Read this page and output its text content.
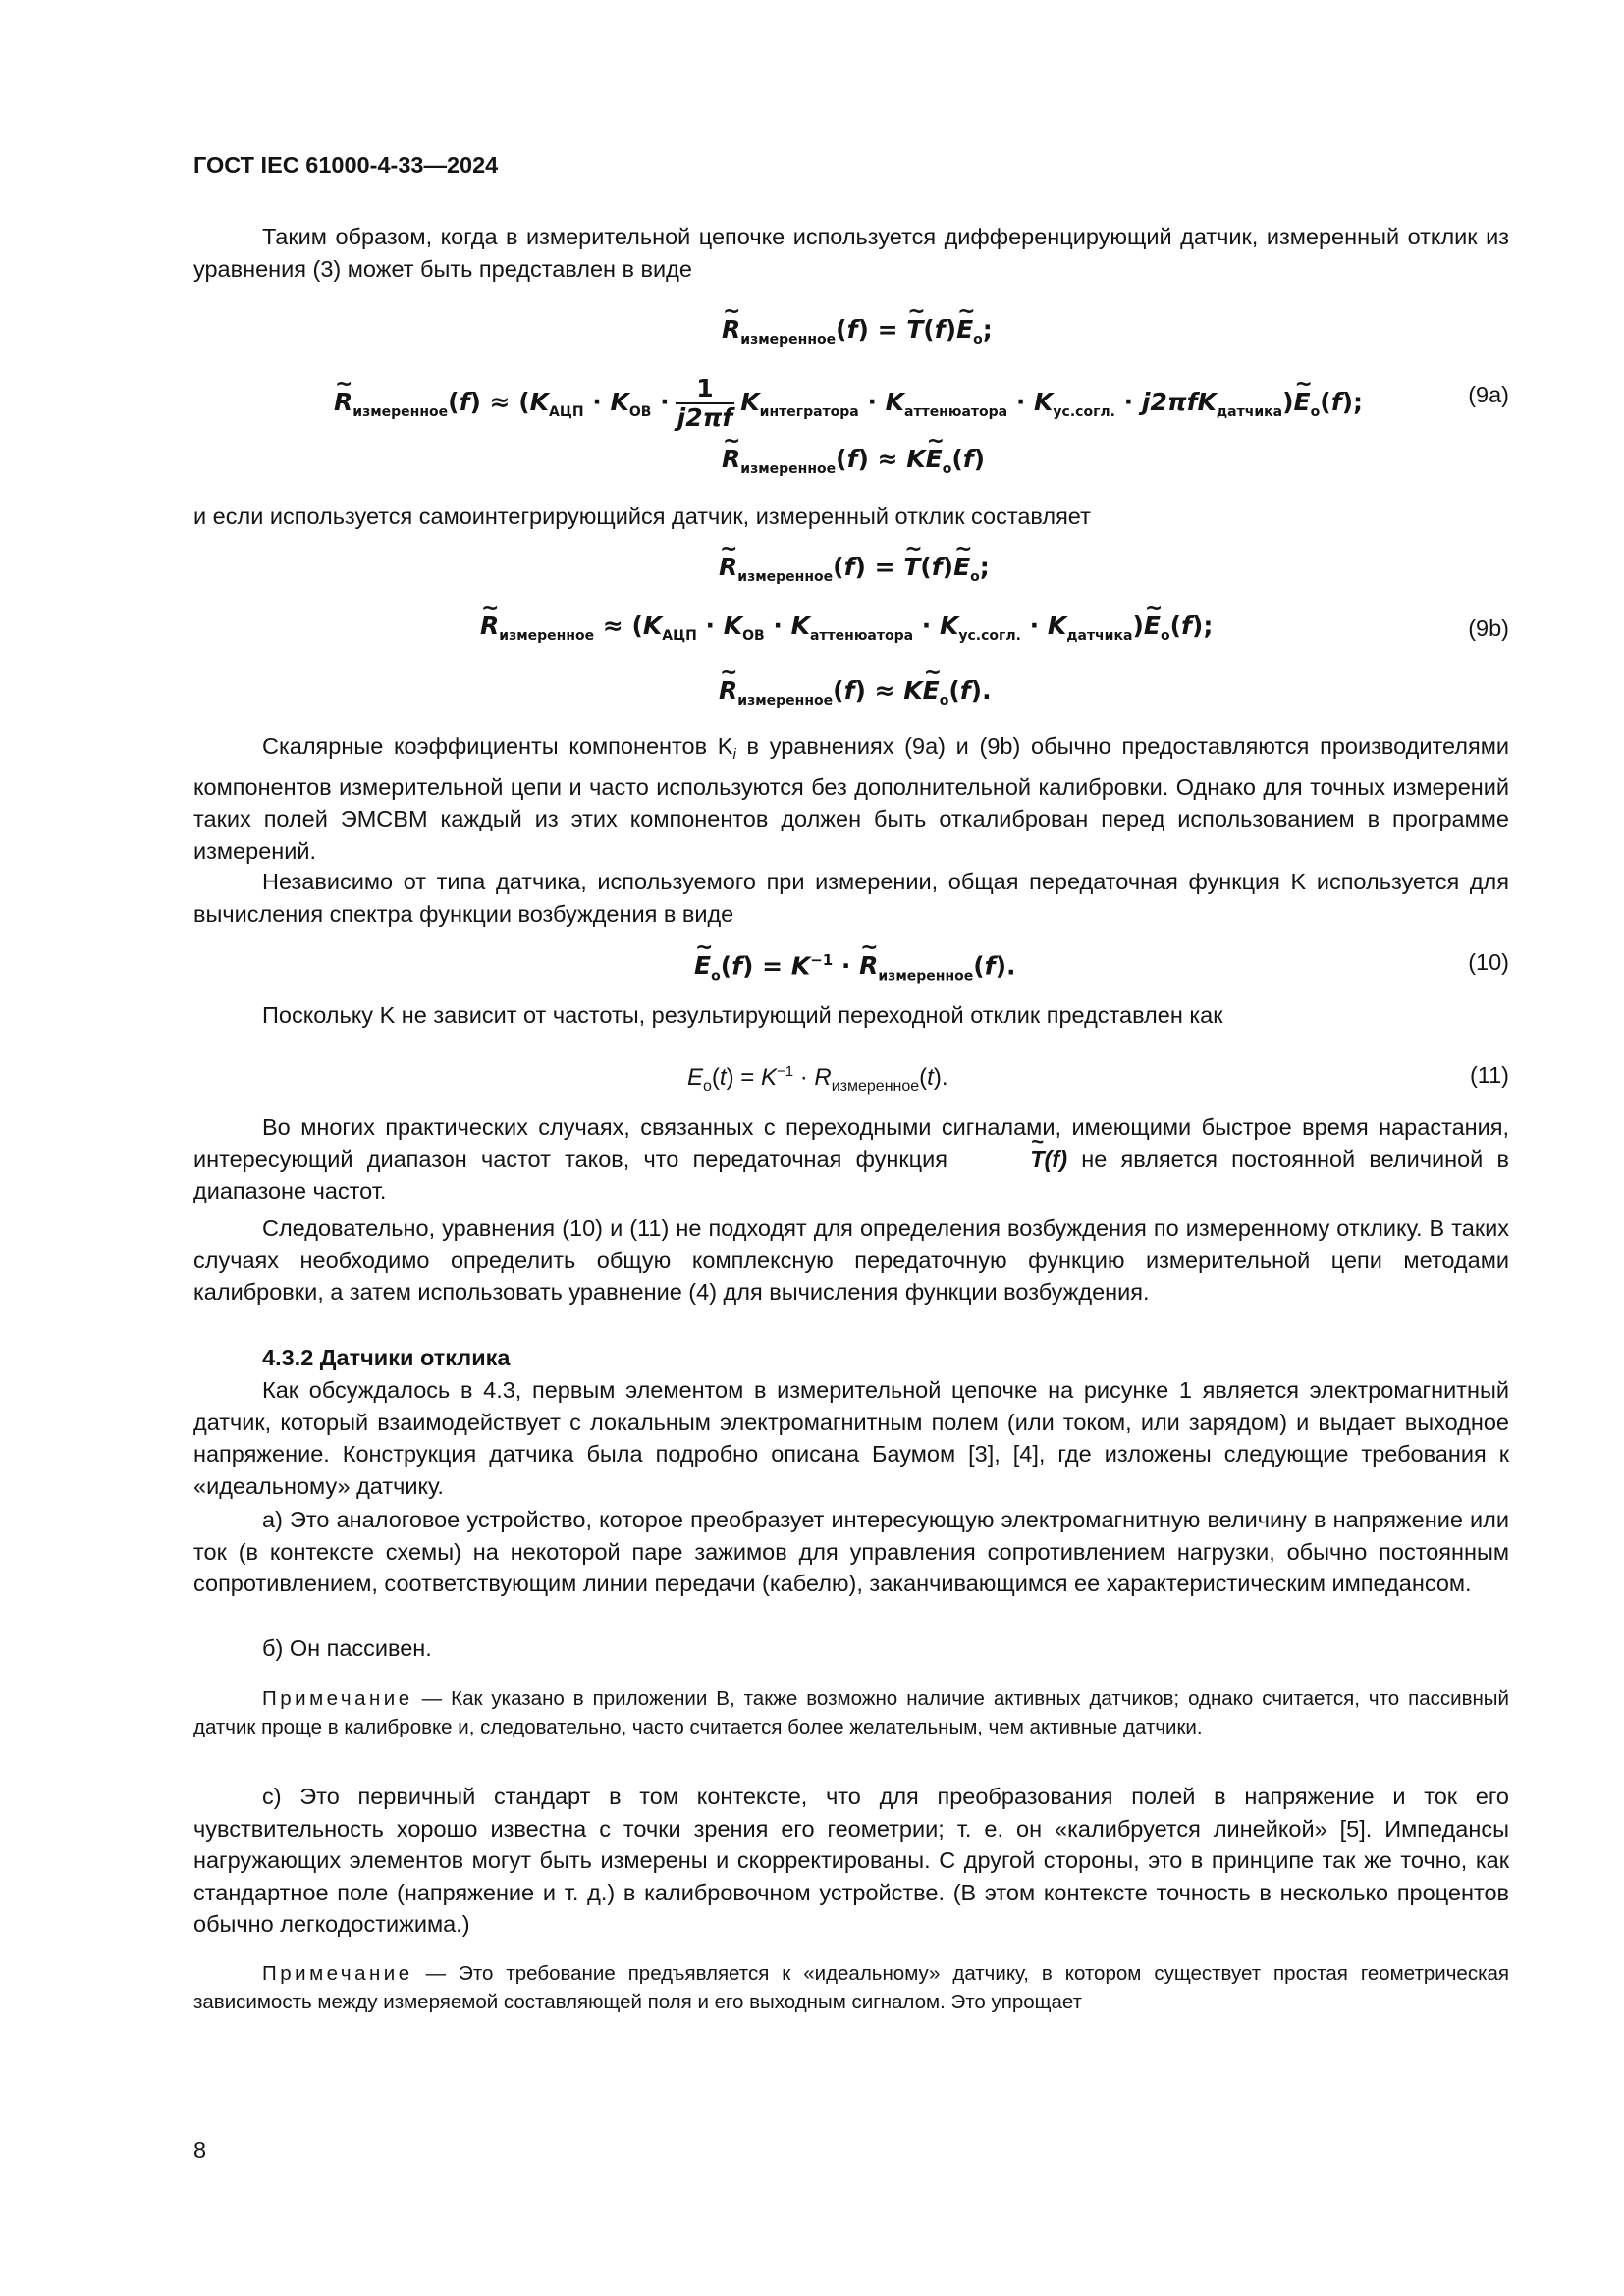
ГОСТ IEC 61000-4-33—2024
Таким образом, когда в измерительной цепочке используется дифференцирующий датчик, измеренный отклик из уравнения (3) может быть представлен в виде
~ $R_{измеренное}(f)$ = ~ T(f)~ $E_o$;
~ $R_{измеренное}(f) \approx (K_{АЦП} \cdot K_{ОВ} \cdot \frac{1}{j2\pi f} K_{интегратора} \cdot K_{аттенюатора} \cdot K_{ус.согл.}$ · j2πfK$_{датчика}$)~ $E_o(f)$;	(9a)
~ $R_{измеренное}(f)$ ≈ K~ $E_o(f)$
и если используется самоинтегрирующийся датчик, измеренный отклик составляет
~ $R_{измеренное}(f)$ = ~ T(f)~ $E_o$;
~ $R_{измеренное} \approx (K_{АЦП} \cdot K_{ОВ} \cdot K_{аттенюатора} \cdot K_{ус.согл.}$ · $K_{датчика})\sim$ $E_o(f)$;	(9b)
~ $R_{измеренное}(f)$ ≈ K~ $E_o(f)$.
Скалярные коэффициенты компонентов $K_i$ в уравнениях (9а) и (9b) обычно предоставляются производителями компонентов измерительной цепи и часто используются без дополнительной калибровки. Однако для точных измерений таких полей ЭМСВМ каждый из этих компонентов должен быть откалиброван перед использованием в программе измерений.
Независимо от типа датчика, используемого при измерении, общая передаточная функция K используется для вычисления спектра функции возбуждения в виде
~ $E_o(f) = K^{-1}$ · ~ $R_{измеренное}(f)$.	(10)
Поскольку K не зависит от частоты, результирующий переходной отклик представлен как
$E_o(t) = K^{-1} \cdot R_{измеренное}(t)$.	(11)
Во многих практических случаях, связанных с переходными сигналами, имеющими быстрое время нарастания, интересующий диапазон частот таков, что передаточная функция ~	T(f) не является постоянной величиной в диапазоне частот.
Следовательно, уравнения (10) и (11) не подходят для определения возбуждения по измеренному отклику. В таких случаях необходимо определить общую комплексную передаточную функцию измерительной цепи методами калибровки, а затем использовать уравнение (4) для вычисления функции возбуждения.
4.3.2 Датчики отклика
Как обсуждалось в 4.3, первым элементом в измерительной цепочке на рисунке 1 является электромагнитный датчик, который взаимодействует с локальным электромагнитным полем (или током, или зарядом) и выдает выходное напряжение. Конструкция датчика была подробно описана Баумом [3], [4], где изложены следующие требования к «идеальному» датчику.
а) Это аналоговое устройство, которое преобразует интересующую электромагнитную величину в напряжение или ток (в контексте схемы) на некоторой паре зажимов для управления сопротивлением нагрузки, обычно постоянным сопротивлением, соответствующим линии передачи (кабелю), заканчивающимся ее характеристическим импедансом.
б) Он пассивен.
Примечание — Как указано в приложении В, также возможно наличие активных датчиков; однако считается, что пассивный датчик проще в калибровке и, следовательно, часто считается более желательным, чем активные датчики.
с) Это первичный стандарт в том контексте, что для преобразования полей в напряжение и ток его чувствительность хорошо известна с точки зрения его геометрии; т. е. он «калибруется линейкой» [5]. Импедансы нагружающих элементов могут быть измерены и скорректированы. С другой стороны, это в принципе так же точно, как стандартное поле (напряжение и т. д.) в калибровочном устройстве. (В этом контексте точность в несколько процентов обычно легкодостижима.)
Примечание — Это требование предъявляется к «идеальному» датчику, в котором существует простая геометрическая зависимость между измеряемой составляющей поля и его выходным сигналом. Это упрощает
8
